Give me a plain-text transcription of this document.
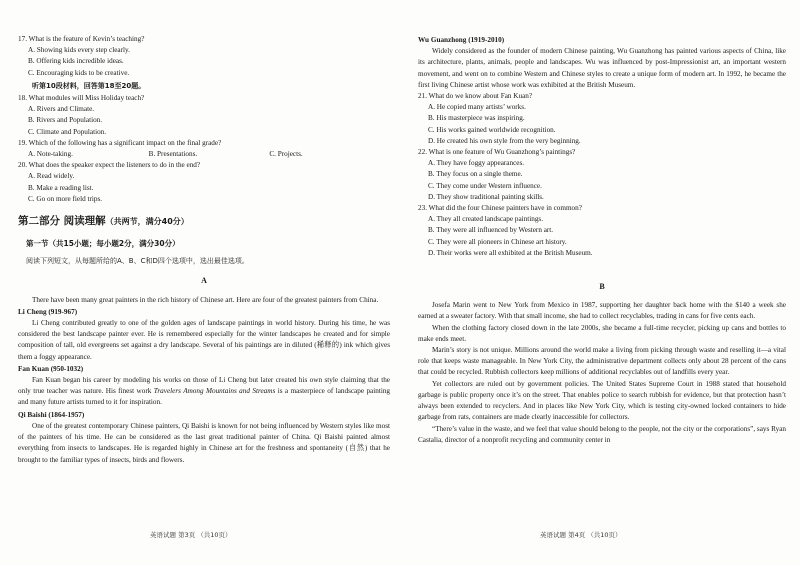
17. What is the feature of Kevin’s teaching?

A. Showing kids every step clearly.

B. Offering kids incredible ideas.

C. Encouraging kids to be creative.

听第10段材料，回答第18至20题。

18. What modules will Miss Holiday teach?

A. Rivers and Climate.

B. Rivers and Population.

C. Climate and Population.

19. Which of the following has a significant impact on the final grade?

A. Note-taking.	B. Presentations.	C. Projects.

20. What does the speaker expect the listeners to do in the end?

A. Read widely.

B. Make a reading list.

C. Go on more field trips.

第二部分 阅读理解（共两节，满分40分）

第一节（共15小题；每小题2分，满分30分）

阅读下列短文，从每题所给的A、B、C和D四个选项中，选出最佳选项。

A

There have been many great painters in the rich history of Chinese art. Here are four of the greatest painters from China.

Li Cheng (919-967)

Li Cheng contributed greatly to one of the golden ages of landscape paintings in world history. During his time, he was considered the best landscape painter ever. He is remembered especially for the winter landscapes he created and for simple composition of tall, old evergreens set against a dry landscape. Several of his paintings are in diluted (稀释的) ink which gives them a foggy appearance.

Fan Kuan (950-1032)

Fan Kuan began his career by modeling his works on those of Li Cheng but later created his own style claiming that the only true teacher was nature. His finest work Travelers Among Mountains and Streams is a masterpiece of landscape painting and many future artists turned to it for inspiration.

Qi Baishi (1864-1957)

One of the greatest contemporary Chinese painters, Qi Baishi is known for not being influenced by Western styles like most of the painters of his time. He can be considered as the last great traditional painter of China. Qi Baishi painted almost everything from insects to landscapes. He is regarded highly in Chinese art for the freshness and spontaneity (自然) that he brought to the familiar types of insects, birds and flowers.

英语试题 第3页 （共10页）

Wu Guanzhong (1919-2010)

Widely considered as the founder of modern Chinese painting, Wu Guanzhong has painted various aspects of China, like its architecture, plants, animals, people and landscapes. Wu was influenced by post-Impressionist art, an important western movement, and went on to combine Western and Chinese styles to create a unique form of modern art. In 1992, he became the first living Chinese artist whose work was exhibited at the British Museum.

21. What do we know about Fan Kuan?

A. He copied many artists’ works.

B. His masterpiece was inspiring.

C. His works gained worldwide recognition.

D. He created his own style from the very beginning.

22. What is one feature of Wu Guanzhong’s paintings?

A. They have foggy appearances.

B. They focus on a single theme.

C. They come under Western influence.

D. They show traditional painting skills.

23. What did the four Chinese painters have in common?

A. They all created landscape paintings.

B. They were all influenced by Western art.

C. They were all pioneers in Chinese art history.

D. Their works were all exhibited at the British Museum.

B

Josefa Marin went to New York from Mexico in 1987, supporting her daughter back home with the $140 a week she earned at a sweater factory. With that small income, she had to collect recyclables, trading in cans for five cents each.

When the clothing factory closed down in the late 2000s, she became a full-time recycler, picking up cans and bottles to make ends meet.

Marin’s story is not unique. Millions around the world make a living from picking through waste and reselling it—a vital role that keeps waste manageable. In New York City, the administrative department collects only about 28 percent of the cans that could be recycled. Rubbish collectors keep millions of additional recyclables out of landfills every year.

Yet collectors are ruled out by government policies. The United States Supreme Court in 1988 stated that household garbage is public property once it’s on the street. That enables police to search rubbish for evidence, but that protection hasn’t always been extended to recyclers. And in places like New York City, which is testing city-owned locked containers to hide garbage from rats, containers are made clearly inaccessible for collectors.

“There’s value in the waste, and we feel that value should belong to the people, not the city or the corporations”, says Ryan Castalia, director of a nonprofit recycling and community center in

英语试题 第4页 （共10页）
